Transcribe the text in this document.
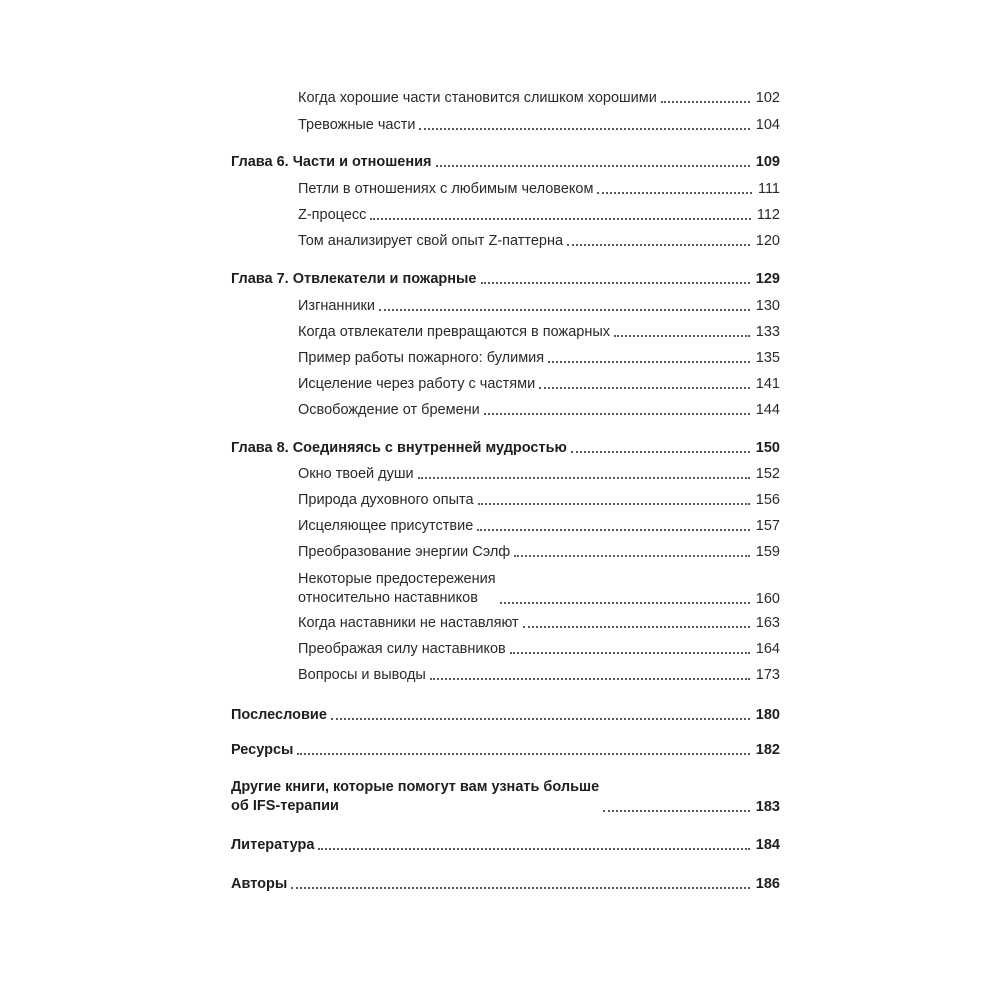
Когда хорошие части становится слишком хорошими	102
Тревожные части	104
Глава 6. Части и отношения	109
Петли в отношениях с любимым человеком	111
Z-процесс	112
Том анализирует свой опыт Z-паттерна	120
Глава 7. Отвлекатели и пожарные	129
Изгнанники	130
Когда отвлекатели превращаются в пожарных	133
Пример работы пожарного: булимия	135
Исцеление через работу с частями	141
Освобождение от бремени	144
Глава 8. Соединяясь с внутренней мудростью	150
Окно твоей души	152
Природа духовного опыта	156
Исцеляющее присутствие	157
Преобразование энергии Сэлф	159
Некоторые предостережения
относительно наставников	160
Когда наставники не наставляют	163
Преображая силу наставников	164
Вопросы и выводы	173
Послесловие	180
Ресурсы	182
Другие книги, которые помогут вам узнать больше
об IFS-терапии	183
Литература	184
Авторы	186
